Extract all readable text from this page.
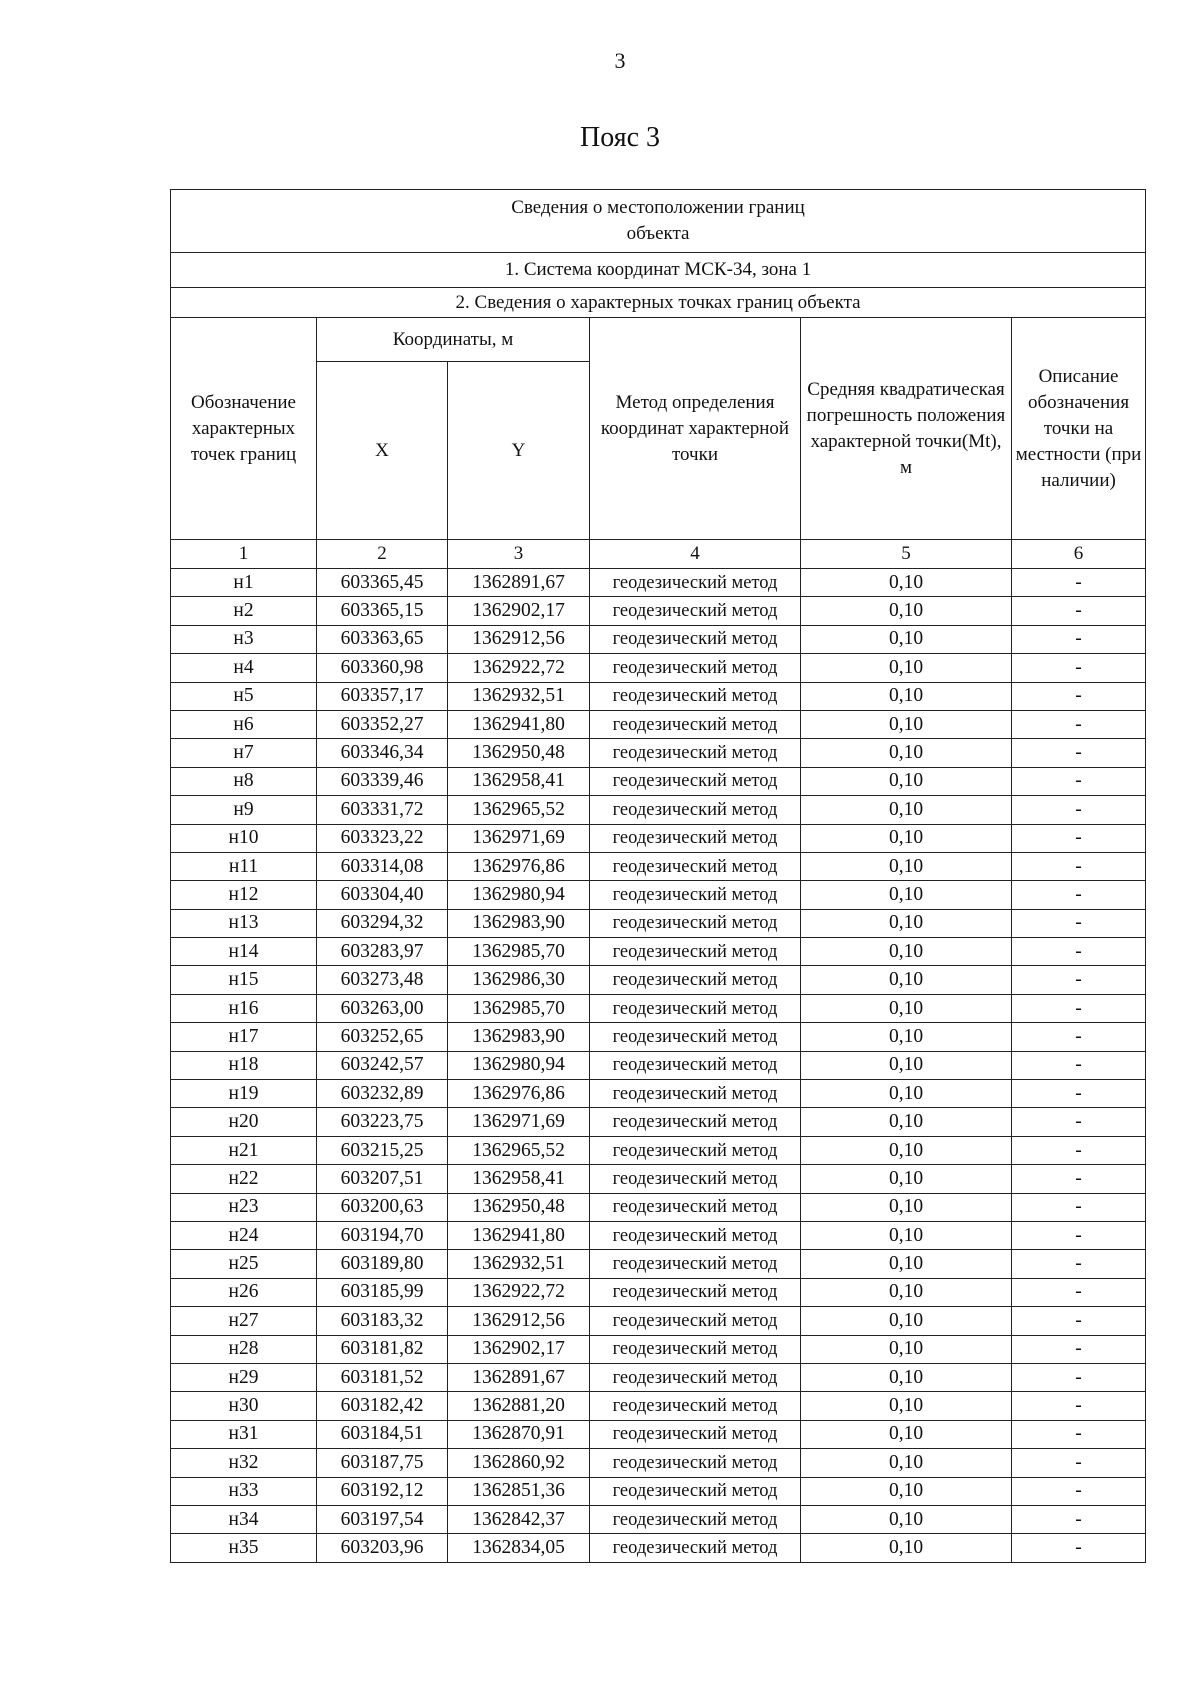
3
Пояс 3
Сведения о местоположении границ объекта					
1. Система координат МСК-34, зона 1					
2. Сведения о характерных точках границ объекта					
Обозначение характерных точек границ	Координаты, м		Метод определения координат характерной точки	Средняя квадратическая погрешность положения характерной точки(Mt), м	Описание обозначения точки на местности (при наличии)
	X	Y			
1	2	3	4	5	6
н1	603365,45	1362891,67	геодезический метод	0,10	-
н2	603365,15	1362902,17	геодезический метод	0,10	-
н3	603363,65	1362912,56	геодезический метод	0,10	-
н4	603360,98	1362922,72	геодезический метод	0,10	-
н5	603357,17	1362932,51	геодезический метод	0,10	-
н6	603352,27	1362941,80	геодезический метод	0,10	-
н7	603346,34	1362950,48	геодезический метод	0,10	-
н8	603339,46	1362958,41	геодезический метод	0,10	-
н9	603331,72	1362965,52	геодезический метод	0,10	-
н10	603323,22	1362971,69	геодезический метод	0,10	-
н11	603314,08	1362976,86	геодезический метод	0,10	-
н12	603304,40	1362980,94	геодезический метод	0,10	-
н13	603294,32	1362983,90	геодезический метод	0,10	-
н14	603283,97	1362985,70	геодезический метод	0,10	-
н15	603273,48	1362986,30	геодезический метод	0,10	-
н16	603263,00	1362985,70	геодезический метод	0,10	-
н17	603252,65	1362983,90	геодезический метод	0,10	-
н18	603242,57	1362980,94	геодезический метод	0,10	-
н19	603232,89	1362976,86	геодезический метод	0,10	-
н20	603223,75	1362971,69	геодезический метод	0,10	-
н21	603215,25	1362965,52	геодезический метод	0,10	-
н22	603207,51	1362958,41	геодезический метод	0,10	-
н23	603200,63	1362950,48	геодезический метод	0,10	-
н24	603194,70	1362941,80	геодезический метод	0,10	-
н25	603189,80	1362932,51	геодезический метод	0,10	-
н26	603185,99	1362922,72	геодезический метод	0,10	-
н27	603183,32	1362912,56	геодезический метод	0,10	-
н28	603181,82	1362902,17	геодезический метод	0,10	-
н29	603181,52	1362891,67	геодезический метод	0,10	-
н30	603182,42	1362881,20	геодезический метод	0,10	-
н31	603184,51	1362870,91	геодезический метод	0,10	-
н32	603187,75	1362860,92	геодезический метод	0,10	-
н33	603192,12	1362851,36	геодезический метод	0,10	-
н34	603197,54	1362842,37	геодезический метод	0,10	-
н35	603203,96	1362834,05	геодезический метод	0,10	-
